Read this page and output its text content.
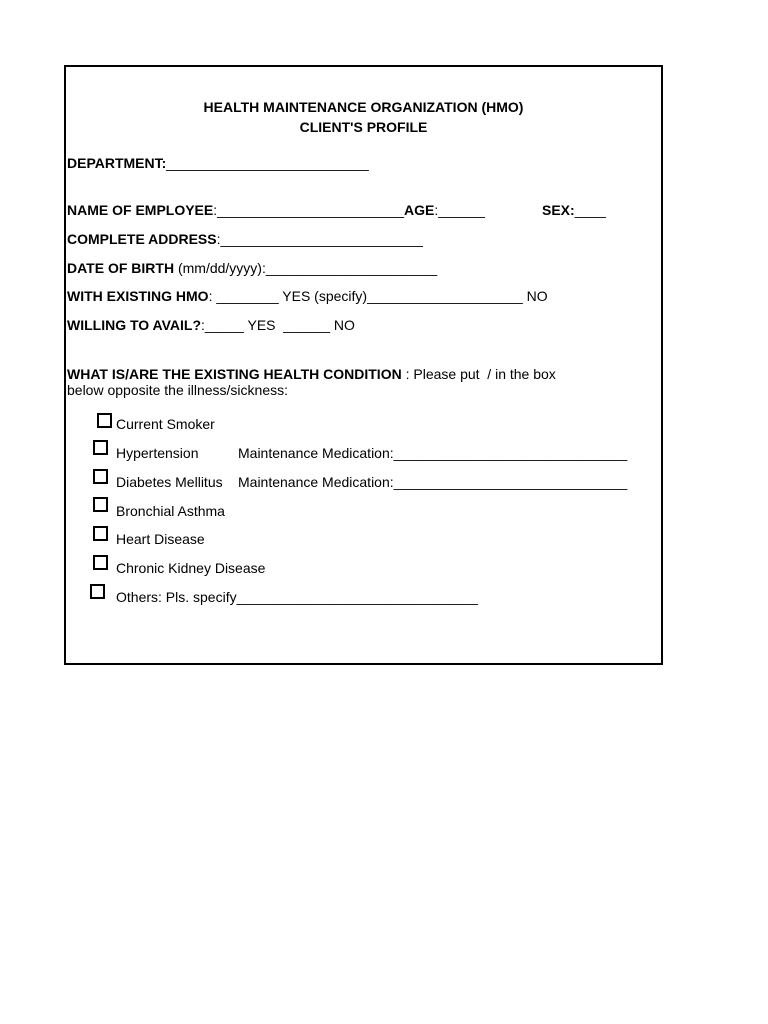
HEALTH MAINTENANCE ORGANIZATION (HMO)
CLIENT'S PROFILE
DEPARTMENT:__________________________
NAME OF EMPLOYEE:________________________AGE:______	SEX:____
COMPLETE ADDRESS:__________________________
DATE OF BIRTH (mm/dd/yyyy):______________________
WITH EXISTING HMO: ________ YES (specify)____________________ NO
WILLING TO AVAIL?:_____ YES  ______ NO
WHAT IS/ARE THE EXISTING HEALTH CONDITION : Please put  / in the box
below opposite the illness/sickness:
Current Smoker
Hypertension	Maintenance Medication:______________________________
Diabetes Mellitus Maintenance Medication:______________________________
Bronchial Asthma
Heart Disease
Chronic Kidney Disease
Others: Pls. specify_______________________________
